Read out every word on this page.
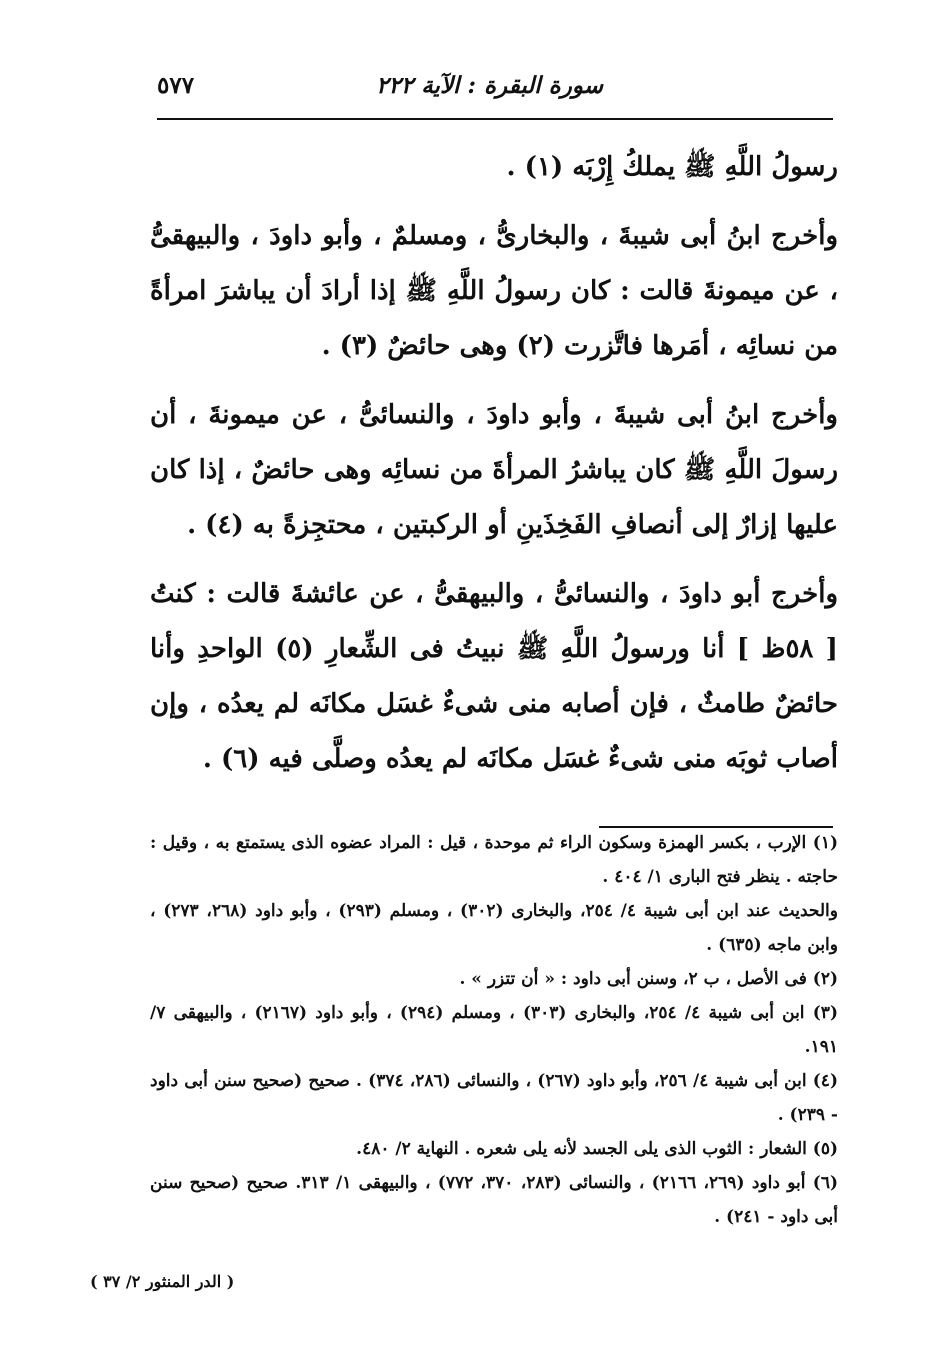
سورة البقرة : الآية ٢٢٢
٥٧٧

رسولُ اللَّهِ ﷺ يملكُ إِرْبَه (١) .

وأخرج ابنُ أبى شيبةَ ، والبخارىُّ ، ومسلمٌ ، وأبو داودَ ، والبيهقىُّ ، عن ميمونةَ قالت : كان رسولُ اللَّهِ ﷺ إذا أرادَ أن يباشرَ امرأةً من نسائِه ، أمَرها فاتَّزرت (٢) وهى حائضٌ (٣) .

وأخرج ابنُ أبى شيبةَ ، وأبو داودَ ، والنسائىُّ ، عن ميمونةَ ، أن رسولَ اللَّهِ ﷺ كان يباشرُ المرأةَ من نسائِه وهى حائضٌ ، إذا كان عليها إزارٌ إلى أنصافِ الفَخِذَينِ أو الركبتين ، محتجِزةً به (٤) .

وأخرج أبو داودَ ، والنسائىُّ ، والبيهقىُّ ، عن عائشةَ قالت : كنتُ [ ٥٨ظ ] أنا ورسولُ اللَّهِ ﷺ نبيتُ فى الشِّعارِ (٥) الواحدِ وأنا حائضٌ طامثٌ ، فإن أصابه منى شىءٌ غسَل مكانَه لم يعدُه ، وإن أصاب ثوبَه منى شىءٌ غسَل مكانَه لم يعدُه وصلَّى فيه (٦) .

(١) الإرب ، بكسر الهمزة وسكون الراء ثم موحدة ، قيل : المراد عضوه الذى يستمتع به ، وقيل : حاجته . ينظر فتح البارى ١/ ٤٠٤ .

والحديث عند ابن أبى شيبة ٤/ ٢٥٤، والبخارى (٣٠٢) ، ومسلم (٢٩٣) ، وأبو داود (٢٦٨، ٢٧٣) ، وابن ماجه (٦٣٥) .

(٢) فى الأصل ، ب ٢، وسنن أبى داود : « أن تتزر » .

(٣) ابن أبى شيبة ٤/ ٢٥٤، والبخارى (٣٠٣) ، ومسلم (٢٩٤) ، وأبو داود (٢١٦٧) ، والبيهقى ٧/ ١٩١.

(٤) ابن أبى شيبة ٤/ ٢٥٦، وأبو داود (٢٦٧) ، والنسائى (٢٨٦، ٣٧٤) . صحيح (صحيح سنن أبى داود - ٢٣٩) .

(٥) الشعار : الثوب الذى يلى الجسد لأنه يلى شعره . النهاية ٢/ ٤٨٠.

(٦) أبو داود (٢٦٩، ٢١٦٦) ، والنسائى (٢٨٣، ٣٧٠، ٧٧٢) ، والبيهقى ١/ ٣١٣. صحيح (صحيح سنن أبى داود - ٢٤١) .

( الدر المنثور ٢/ ٣٧ )
